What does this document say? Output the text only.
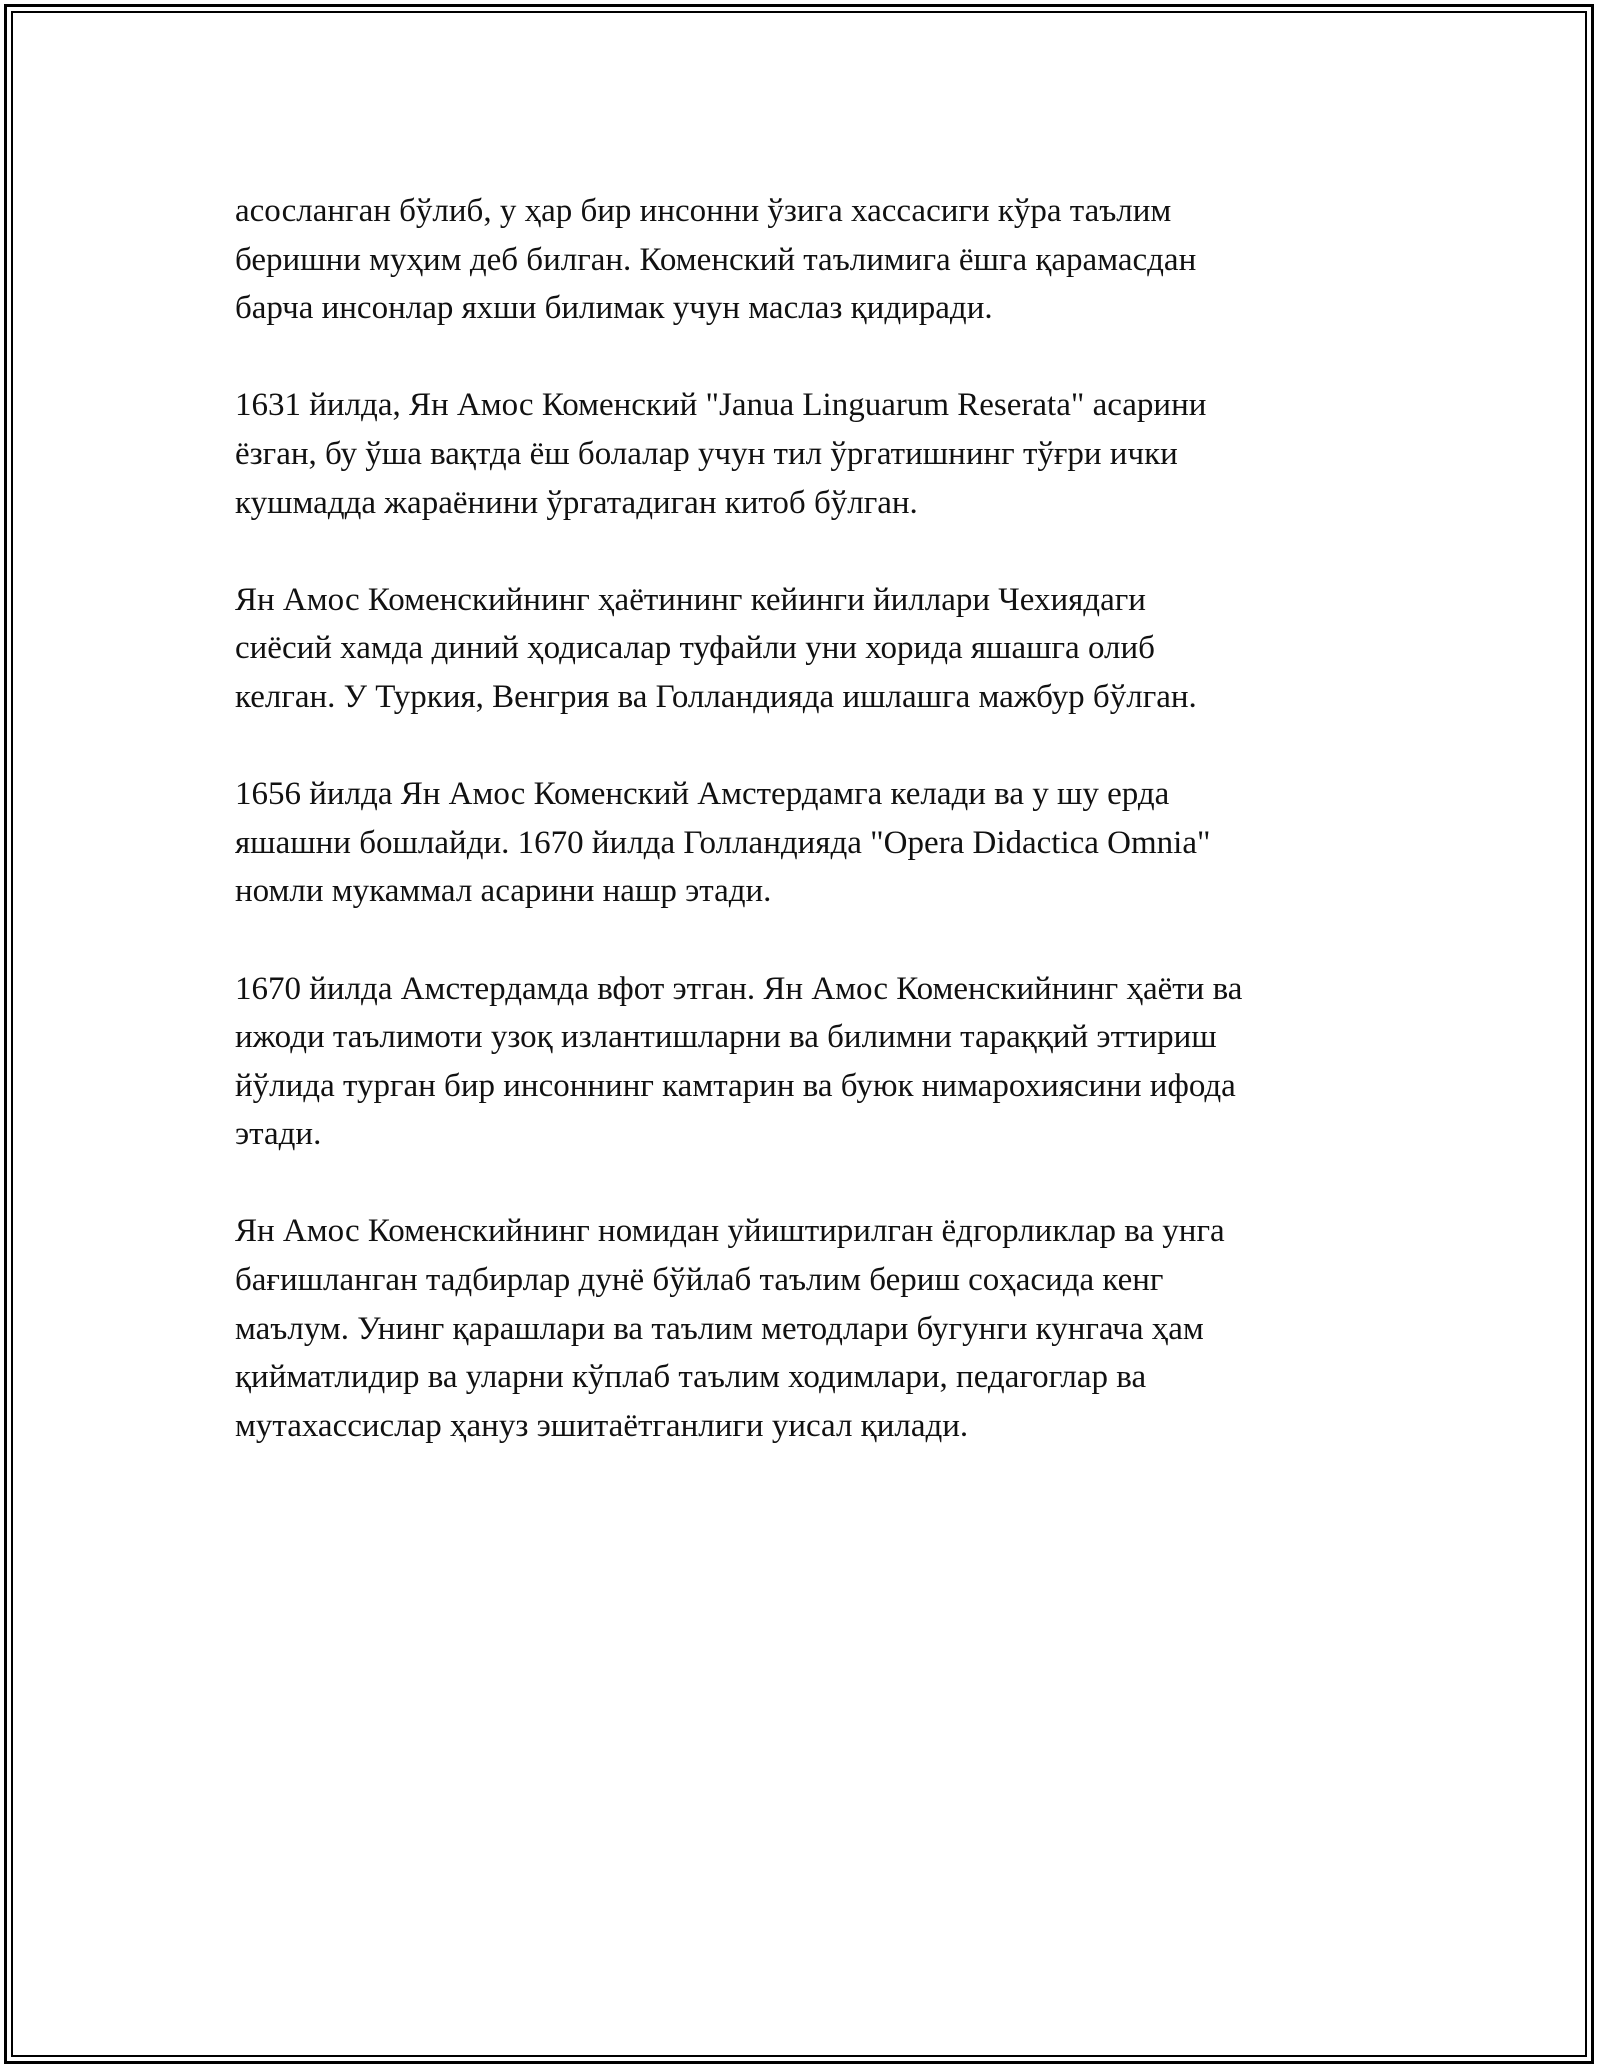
асосланган бўлиб, у ҳар бир инсонни ўзига хассасиги кўра таълим
беришни муҳим деб билган. Коменский таълимига ёшга қарамасдан
барча инсонлар яхши билимак учун маслаз қидиради.

1631 йилда, Ян Амос Коменский "Janua Linguarum Reserata" асарини
ёзган, бу ўша вақтда ёш болалар учун тил ўргатишнинг тўғри ички
кушмадда жараёнини ўргатадиган китоб бўлган.

Ян Амос Коменскийнинг ҳаётининг кейинги йиллари Чехиядаги
сиёсий хамда диний ҳодисалар туфайли уни хорида яшашга олиб
келган. У Туркия, Венгрия ва Голландияда ишлашга мажбур бўлган.

1656 йилда Ян Амос Коменский Амстердамга келади ва у шу ерда
яшашни бошлайди. 1670 йилда Голландияда "Opera Didactica Omnia"
номли мукаммал асарини нашр этади.

1670 йилда Амстердамда вфот этган. Ян Амос Коменскийнинг ҳаёти ва
ижоди таълимоти узоқ излантишларни ва билимни тараққий эттириш
йўлида турган бир инсоннинг камтарин ва буюк нимарохиясини ифода
этади.

Ян Амос Коменскийнинг номидан уйиштирилган ёдгорликлар ва унга
бағишланган тадбирлар дунё бўйлаб таълим бериш соҳасида кенг
маълум. Унинг қарашлари ва таълим методлари бугунги кунгача ҳам
қийматлидир ва уларни кўплаб таълим ходимлари, педагоглар ва
мутахассислар ҳануз эшитаётганлиги уисал қилади.
